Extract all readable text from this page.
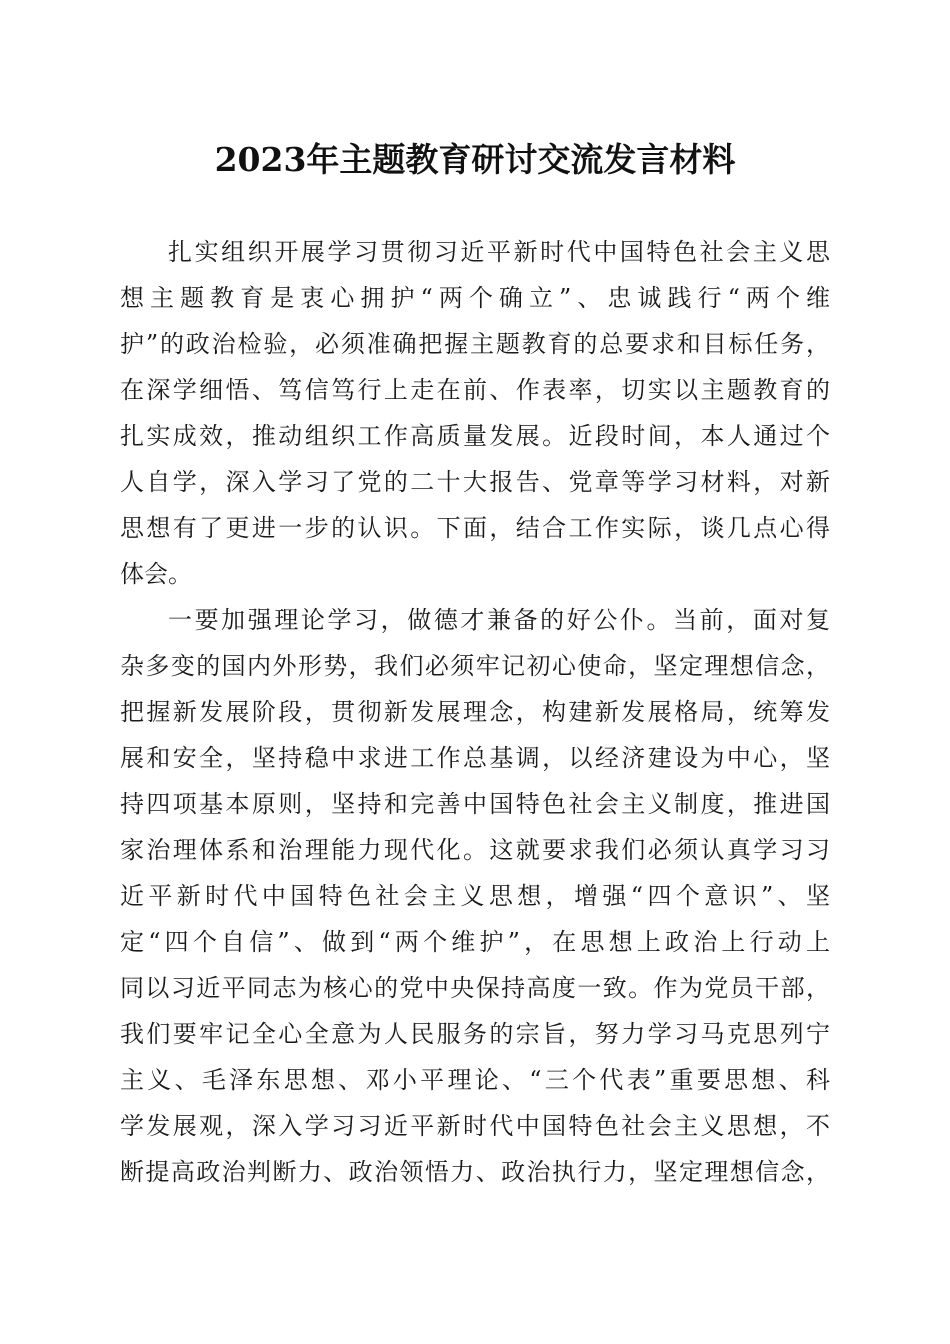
2023年主题教育研讨交流发言材料
扎实组织开展学习贯彻习近平新时代中国特色社会主义思
想主题教育是衷心拥护“两个确立”、忠诚践行“两个维
护”的政治检验，必须准确把握主题教育的总要求和目标任务，
在深学细悟、笃信笃行上走在前、作表率，切实以主题教育的
扎实成效，推动组织工作高质量发展。近段时间，本人通过个
人自学，深入学习了党的二十大报告、党章等学习材料，对新
思想有了更进一步的认识。下面，结合工作实际，谈几点心得
体会。
一要加强理论学习，做德才兼备的好公仆。当前，面对复
杂多变的国内外形势，我们必须牢记初心使命，坚定理想信念，
把握新发展阶段，贯彻新发展理念，构建新发展格局，统筹发
展和安全，坚持稳中求进工作总基调，以经济建设为中心，坚
持四项基本原则，坚持和完善中国特色社会主义制度，推进国
家治理体系和治理能力现代化。这就要求我们必须认真学习习
近平新时代中国特色社会主义思想，增强“四个意识”、坚
定“四个自信”、做到“两个维护”，在思想上政治上行动上
同以习近平同志为核心的党中央保持高度一致。作为党员干部，
我们要牢记全心全意为人民服务的宗旨，努力学习马克思列宁
主义、毛泽东思想、邓小平理论、“三个代表”重要思想、科
学发展观，深入学习习近平新时代中国特色社会主义思想，不
断提高政治判断力、政治领悟力、政治执行力，坚定理想信念，
